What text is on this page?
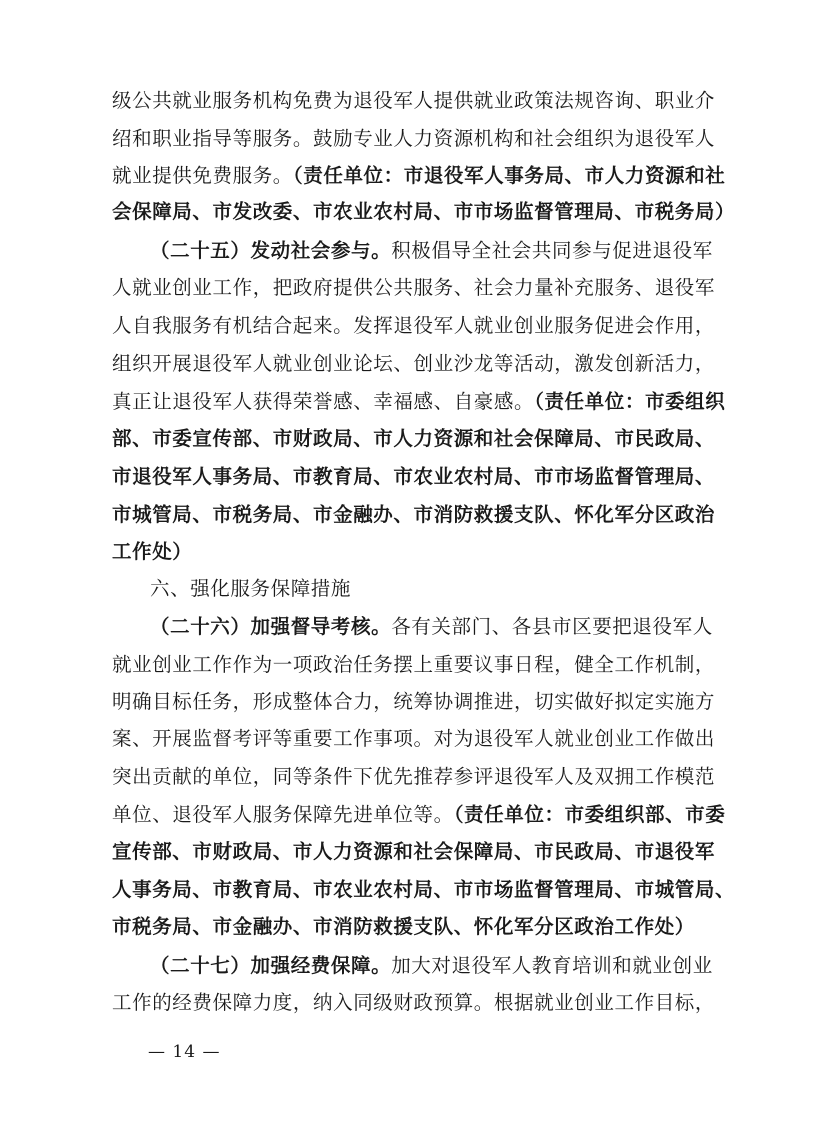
级公共就业服务机构免费为退役军人提供就业政策法规咨询、职业介
绍和职业指导等服务。鼓励专业人力资源机构和社会组织为退役军人
就业提供免费服务。（责任单位：市退役军人事务局、市人力资源和社
会保障局、市发改委、市农业农村局、市市场监督管理局、市税务局）
（二十五）发动社会参与。积极倡导全社会共同参与促进退役军
人就业创业工作，把政府提供公共服务、社会力量补充服务、退役军
人自我服务有机结合起来。发挥退役军人就业创业服务促进会作用，
组织开展退役军人就业创业论坛、创业沙龙等活动，激发创新活力，
真正让退役军人获得荣誉感、幸福感、自豪感。（责任单位：市委组织
部、市委宣传部、市财政局、市人力资源和社会保障局、市民政局、
市退役军人事务局、市教育局、市农业农村局、市市场监督管理局、
市城管局、市税务局、市金融办、市消防救援支队、怀化军分区政治
工作处）
六、强化服务保障措施
（二十六）加强督导考核。各有关部门、各县市区要把退役军人
就业创业工作作为一项政治任务摆上重要议事日程，健全工作机制，
明确目标任务，形成整体合力，统筹协调推进，切实做好拟定实施方
案、开展监督考评等重要工作事项。对为退役军人就业创业工作做出
突出贡献的单位，同等条件下优先推荐参评退役军人及双拥工作模范
单位、退役军人服务保障先进单位等。（责任单位：市委组织部、市委
宣传部、市财政局、市人力资源和社会保障局、市民政局、市退役军
人事务局、市教育局、市农业农村局、市市场监督管理局、市城管局、
市税务局、市金融办、市消防救援支队、怀化军分区政治工作处）
（二十七）加强经费保障。加大对退役军人教育培训和就业创业
工作的经费保障力度，纳入同级财政预算。根据就业创业工作目标，
— 14 —
